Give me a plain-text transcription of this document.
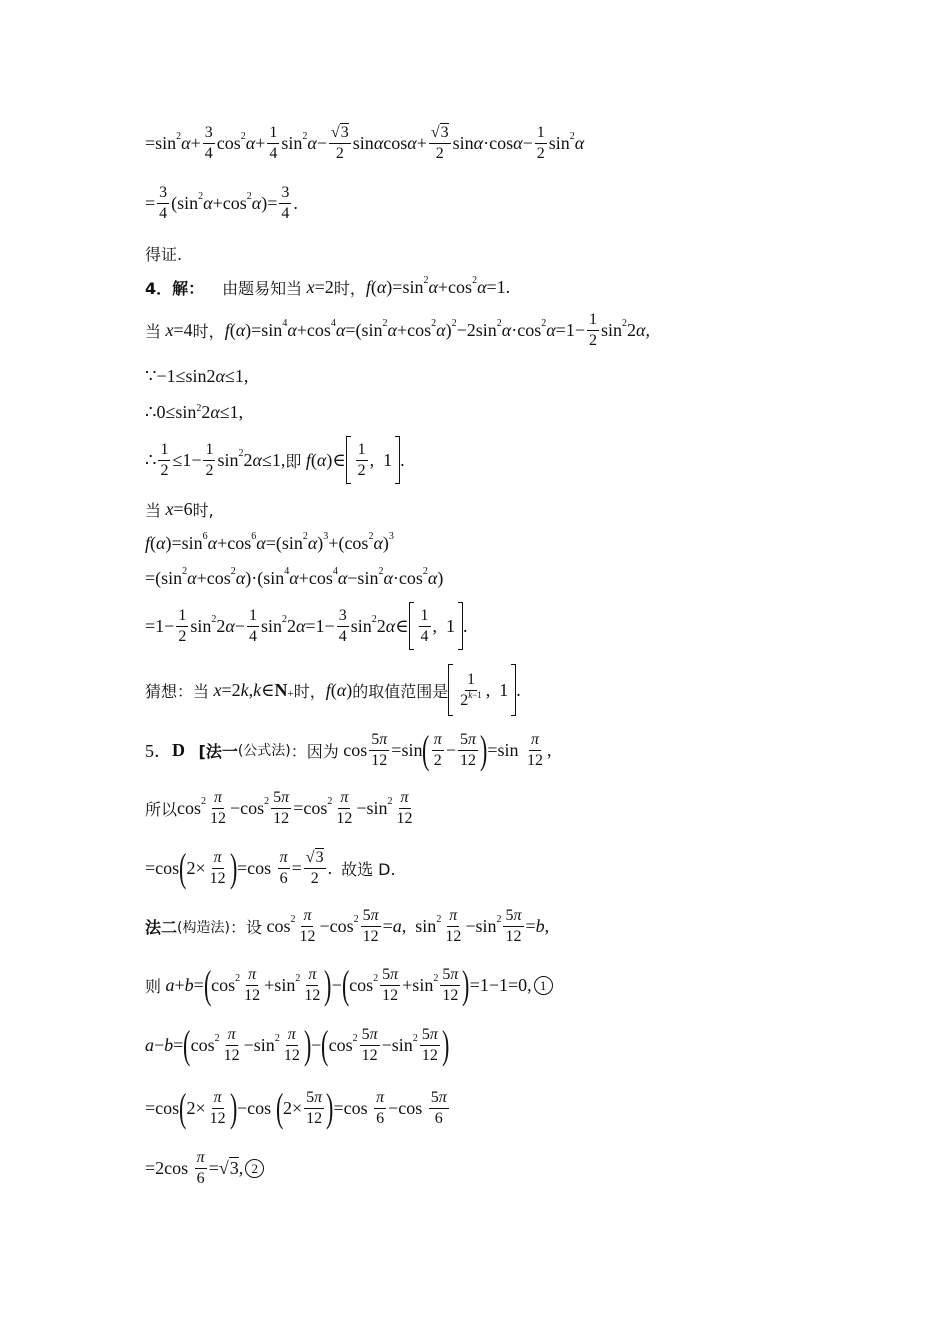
$=\sin^2$ $\alpha + \frac{3}{4} \cos^2 \alpha + \frac{1}{4} \sin^2 \alpha - \frac{√3}{2}$ sin α $\cos \alpha + \frac{√3}{2}$ sin α ·cos $\alpha - \frac{1}{2} \sin^2 \alpha$
= $\frac{3}{4} (\sin^2$ $\alpha +\cos^2$ α )= $\frac{3}{4}$ .
得证.
4．解：
由题易知当
x =2 时， f ( α )$=\sin^2$ $\alpha +\cos^2$ α =1.
当
x =4 时， f ( α )$=\sin^4$ $\alpha +\cos^4$ $\alpha =(\sin^2$ $\alpha +\cos^2$ α )$^2 -2\sin^2$ $\alpha \cdot\cos^2$ $\alpha =1- \frac{1}{2} \sin^2 2$ α ,
∵−1≤sin2α≤1,
$\therefore 0\le\sin^22\alpha\le 1$,
∴ $\frac{1}{2} \le 1- \frac{1}{2} \sin^2 2$ α ≤1, 即
f ( α )∈ $\frac{1}{2}$ ,  1 .
当
x =6 时,
f ( α )$=\sin^6$ $\alpha +\cos^6$ $\alpha =(\sin^2$ α )$^3 +(\cos^2$ α )$^3$
$=(\sin^2$ $\alpha +\cos^2$ α )$\cdot(\sin^4$ $\alpha +\cos^4$ $\alpha -\sin^2$ $\alpha \cdot\cos^2$ α )
$=1- \frac{1}{2} \sin^2 2$ $\alpha - \frac{1}{4} \sin^2 2$ $\alpha =1- \frac{3}{4} \sin^2 2$ α ∈ $\frac{1}{4}$ ,  1 .
猜想：当
x =2 k , k ∈ $N_+$ 时， f ( α ) 的取值范围是 $\frac{1}{2^{k-1}}$ ,  1 .
5． D
[法一 (公式法) ：因为 $\cos \frac{5\pi}{12} =\sin$ ( $\frac{\pi}{2} - \frac{5\pi}{12}$ ) $=\sin \frac{\pi}{12}$ ,
所以 $\cos^2 \frac{\pi}{12} -\cos^2 \frac{5\pi}{12} =\cos^2 \frac{\pi}{12} -\sin^2 \frac{\pi}{12}$
=cos ( $2\times \frac{\pi}{12}$ ) $=\cos \frac{\pi}{6} = \frac{√3}{2}$ . 故选 D.
法二 (构造法) ：设 $\cos^2 \frac{\pi}{12} -\cos^2 \frac{5\pi}{12} = a$ ,  $\sin^2 \frac{\pi}{12} -\sin^2 \frac{5\pi}{12} = b$ ,
则
a + b = ( $\cos^2 \frac{\pi}{12} +\sin^2 \frac{\pi}{12}$ ) − ( $\cos^2 \frac{5\pi}{12} +\sin^2 \frac{5\pi}{12}$ ) =1−1=0, 1
a − b = ( $\cos^2 \frac{\pi}{12} -\sin^2 \frac{\pi}{12}$ ) − ( $\cos^2 \frac{5\pi}{12} -\sin^2 \frac{5\pi}{12}$ )
=cos ( $2\times \frac{\pi}{12}$ ) −cos ( $2\times \frac{5\pi}{12}$ ) $=\cos \frac{\pi}{6} -\cos \frac{5\pi}{6}$
$=2\cos \frac{\pi}{6} = √3$ , 2
